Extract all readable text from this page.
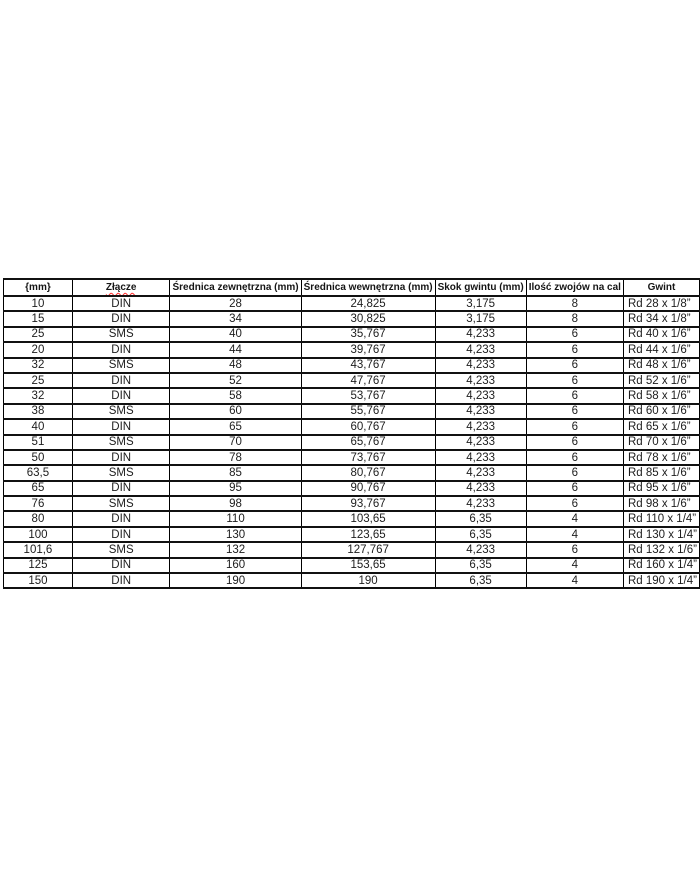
{mm}	Złącze	Średnica zewnętrzna (mm)	Średnica wewnętrzna (mm)	Skok gwintu (mm)	Ilość zwojów na cal	Gwint
10	DIN	28	24,825	3,175	8	Rd 28 x 1/8”
15	DIN	34	30,825	3,175	8	Rd 34 x 1/8”
25	SMS	40	35,767	4,233	6	Rd 40 x 1/6”
20	DIN	44	39,767	4,233	6	Rd 44 x 1/6”
32	SMS	48	43,767	4,233	6	Rd 48 x 1/6”
25	DIN	52	47,767	4,233	6	Rd 52 x 1/6”
32	DIN	58	53,767	4,233	6	Rd 58 x 1/6”
38	SMS	60	55,767	4,233	6	Rd 60 x 1/6”
40	DIN	65	60,767	4,233	6	Rd 65 x 1/6”
51	SMS	70	65,767	4,233	6	Rd 70 x 1/6”
50	DIN	78	73,767	4,233	6	Rd 78 x 1/6”
63,5	SMS	85	80,767	4,233	6	Rd 85 x 1/6”
65	DIN	95	90,767	4,233	6	Rd 95 x 1/6”
76	SMS	98	93,767	4,233	6	Rd 98 x 1/6”
80	DIN	110	103,65	6,35	4	Rd 110 x 1/4”
100	DIN	130	123,65	6,35	4	Rd 130 x 1/4”
101,6	SMS	132	127,767	4,233	6	Rd 132 x 1/6”
125	DIN	160	153,65	6,35	4	Rd 160 x 1/4”
150	DIN	190	190	6,35	4	Rd 190 x 1/4”
